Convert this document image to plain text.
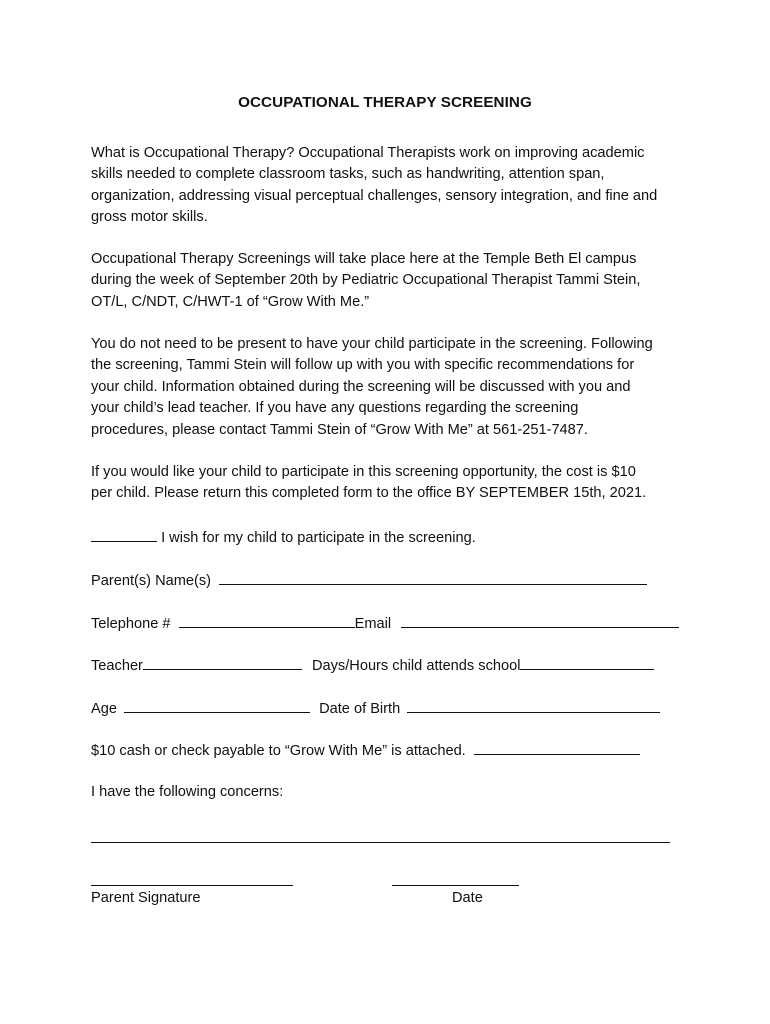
OCCUPATIONAL THERAPY SCREENING
What is Occupational Therapy? Occupational Therapists work on improving academic
skills needed to complete classroom tasks, such as handwriting, attention span,
organization, addressing visual perceptual challenges, sensory integration, and fine and
gross motor skills.
Occupational Therapy Screenings will take place here at the Temple Beth El campus
during the week of September 20th by Pediatric Occupational Therapist Tammi Stein,
OT/L, C/NDT, C/HWT-1 of “Grow With Me.”
You do not need to be present to have your child participate in the screening. Following
the screening, Tammi Stein will follow up with you with specific recommendations for
your child. Information obtained during the screening will be discussed with you and
your child’s lead teacher. If you have any questions regarding the screening
procedures, please contact Tammi Stein of “Grow With Me” at 561-251-7487.
If you would like your child to participate in this screening opportunity, the cost is $10
per child. Please return this completed form to the office BY SEPTEMBER 15th, 2021.
I wish for my child to participate in the screening.
Parent(s) Name(s)
Telephone #	Email
Teacher	Days/Hours child attends school
Age	Date of Birth
$10 cash or check payable to “Grow With Me” is attached.
I have the following concerns:
Parent Signature	Date
